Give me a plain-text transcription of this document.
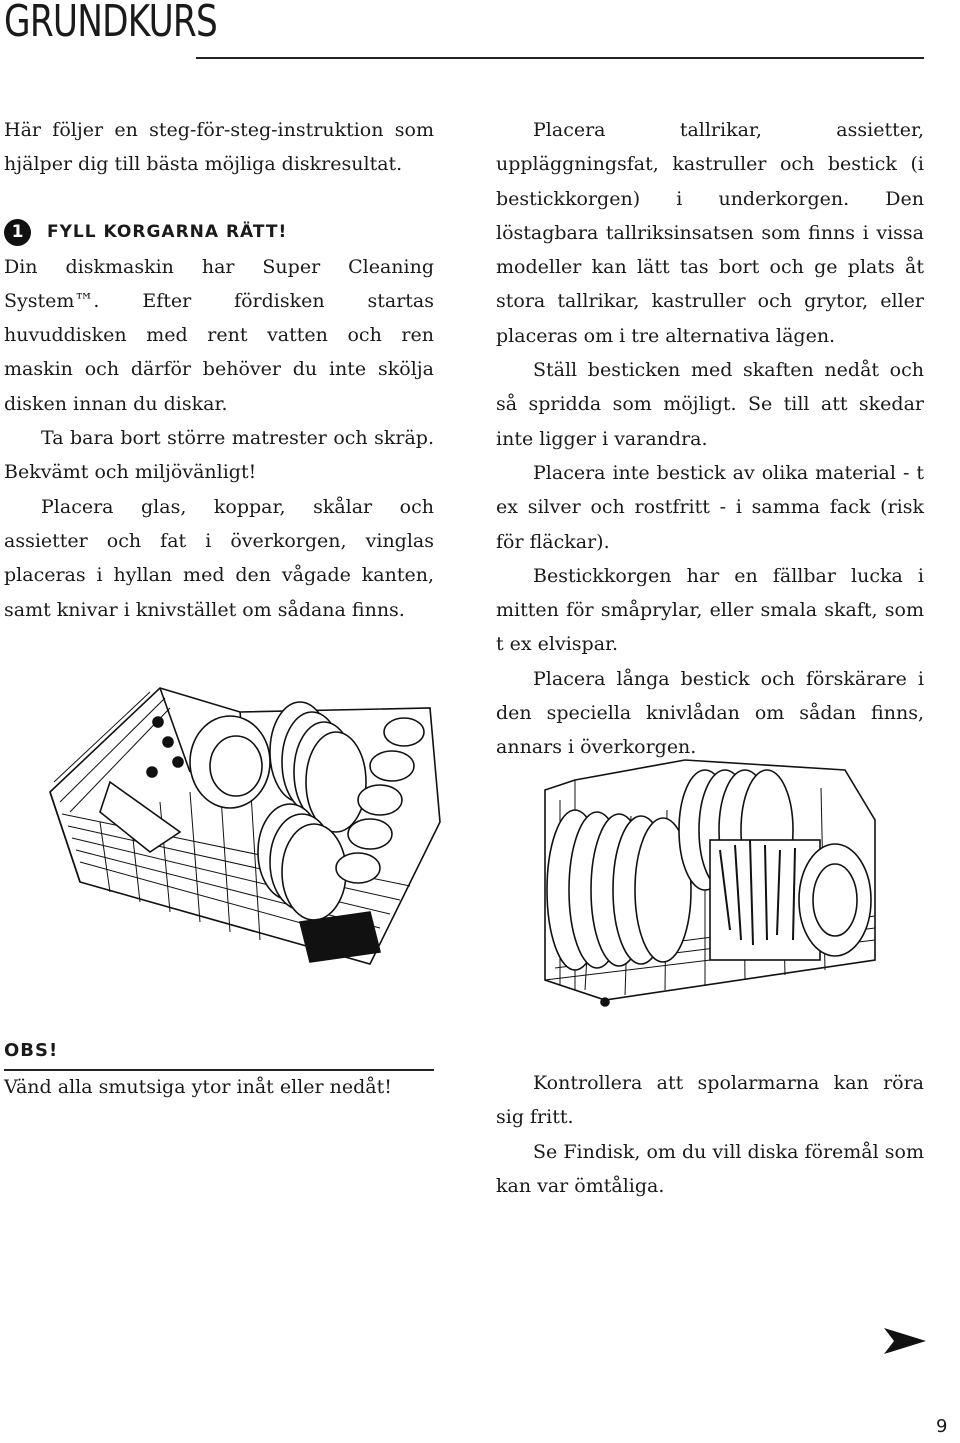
GRUNDKURS

Här följer en steg-för-steg-instruktion som hjälper dig till bästa möjliga diskresultat.

1	FYLL KORGARNA RÄTT!

Din diskmaskin har Super Cleaning System™. Efter fördisken startas huvuddisken med rent vatten och ren maskin och därför behöver du inte skölja disken innan du diskar.

Ta bara bort större matrester och skräp. Bekvämt och miljövänligt!

Placera glas, koppar, skålar och assietter och fat i överkorgen, vinglas placeras i hyllan med den vågade kanten, samt knivar i knivstället om sådana finns.

Placera tallrikar, assietter, uppläggningsfat, kastruller och bestick (i bestickkorgen) i underkorgen. Den löstagbara tallriksinsatsen som finns i vissa modeller kan lätt tas bort och ge plats åt stora tallrikar, kastruller och grytor, eller placeras om i tre alternativa lägen.

Ställ besticken med skaften nedåt och så spridda som möjligt. Se till att skedar inte ligger i varandra.

Placera inte bestick av olika material - t ex silver och rostfritt - i samma fack (risk för fläckar).

Bestickkorgen har en fällbar lucka i mitten för småprylar, eller smala skaft, som t ex elvispar.

Placera långa bestick och förskärare i den speciella knivlådan om sådan finns, annars i överkorgen.

OBS!
Vänd alla smutsiga ytor inåt eller nedåt!	Kontrollera att spolarmarna kan röra sig fritt.

Se Findisk, om du vill diska föremål som kan var ömtåliga.

9
